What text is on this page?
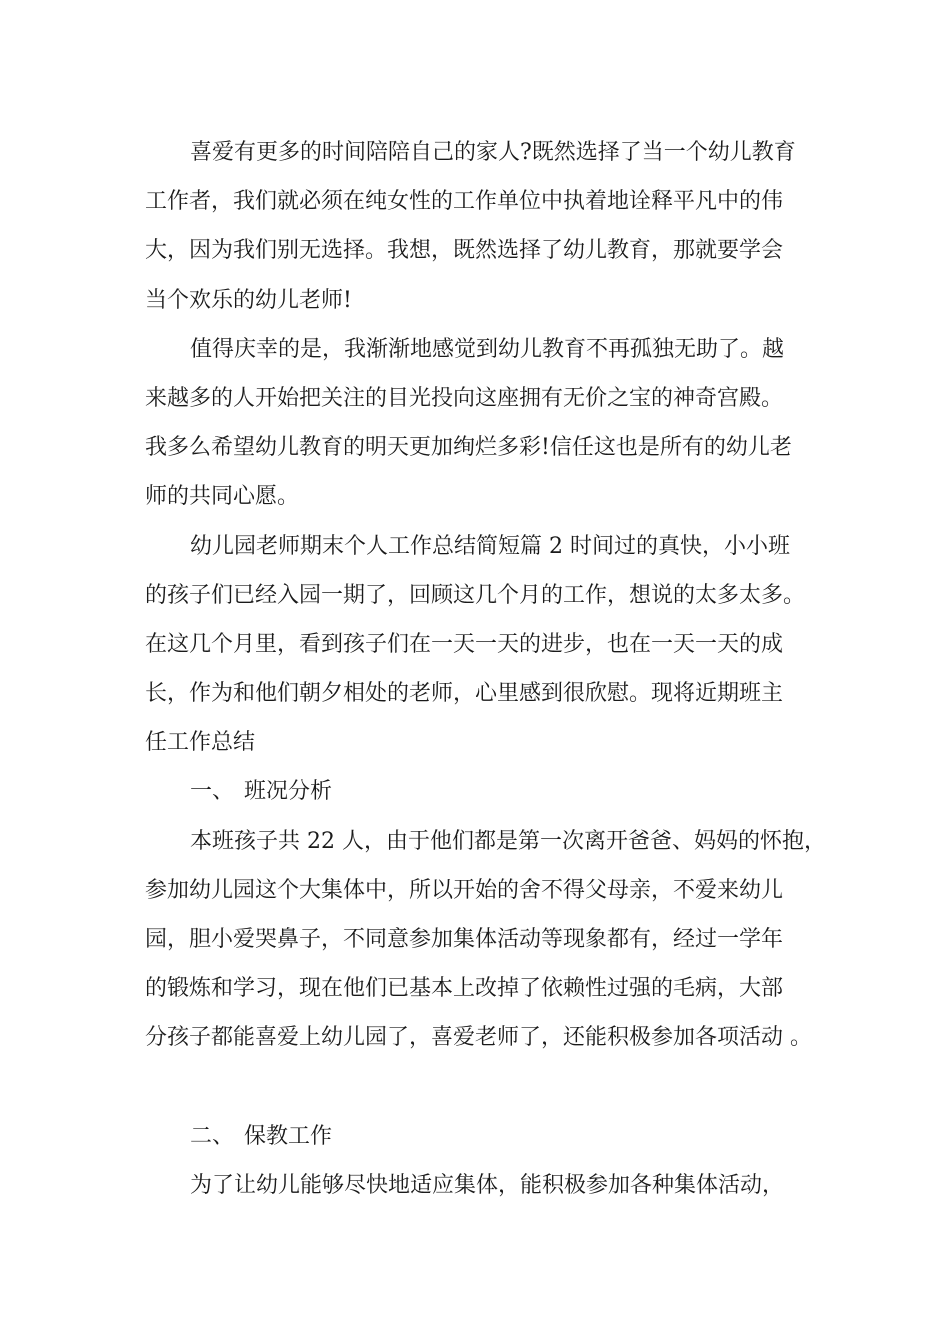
喜爱有更多的时间陪陪自己的家人?既然选择了当一个幼儿教育
工作者，我们就必须在纯女性的工作单位中执着地诠释平凡中的伟
大，因为我们别无选择。我想，既然选择了幼儿教育，那就要学会
当个欢乐的幼儿老师!
值得庆幸的是，我渐渐地感觉到幼儿教育不再孤独无助了。越
来越多的人开始把关注的目光投向这座拥有无价之宝的神奇宫殿。
我多么希望幼儿教育的明天更加绚烂多彩!信任这也是所有的幼儿老
师的共同心愿。
幼儿园老师期末个人工作总结简短篇 2 时间过的真快，小小班
的孩子们已经入园一期了，回顾这几个月的工作，想说的太多太多。
在这几个月里，看到孩子们在一天一天的进步，也在一天一天的成
长，作为和他们朝夕相处的老师，心里感到很欣慰。现将近期班主
任工作总结
一、 班况分析
本班孩子共 22 人，由于他们都是第一次离开爸爸、妈妈的怀抱，
参加幼儿园这个大集体中，所以开始的舍不得父母亲，不爱来幼儿
园，胆小爱哭鼻子，不同意参加集体活动等现象都有，经过一学年
的锻炼和学习，现在他们已基本上改掉了依赖性过强的毛病，大部
分孩子都能喜爱上幼儿园了，喜爱老师了，还能积极参加各项活动 。
二、 保教工作
为了让幼儿能够尽快地适应集体，能积极参加各种集体活动，
